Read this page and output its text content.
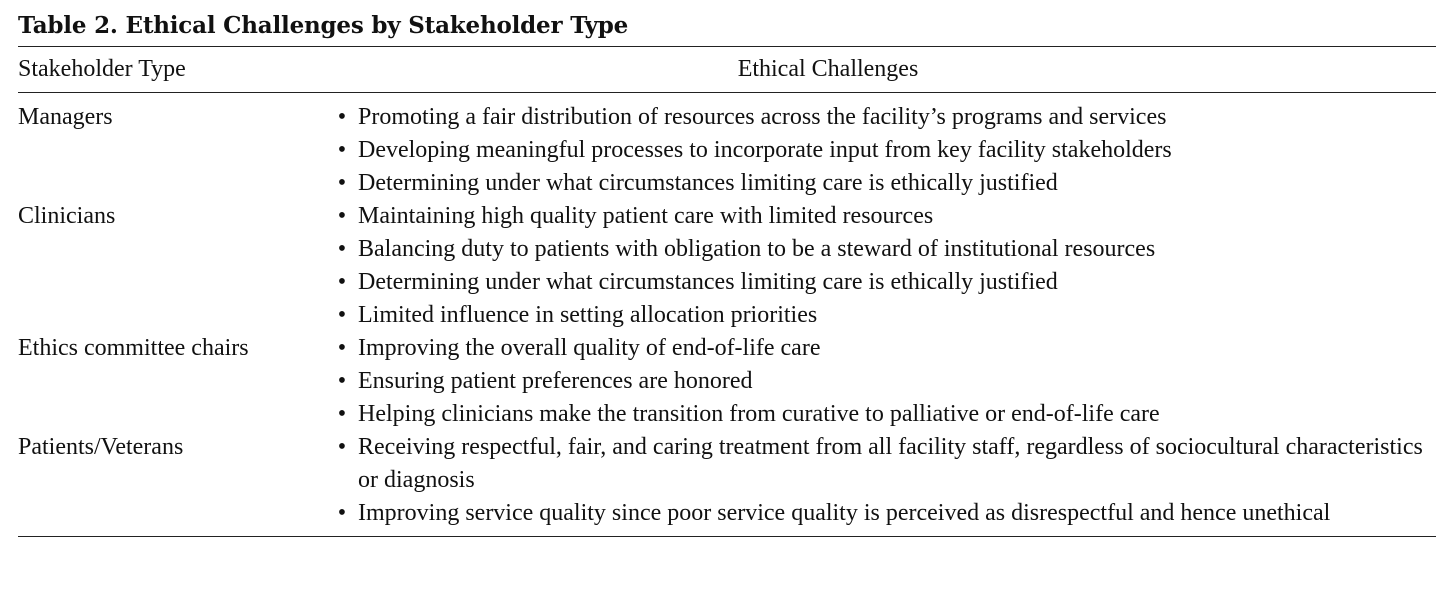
Table 2. Ethical Challenges by Stakeholder Type
Stakeholder Type	Ethical Challenges
Managers	• Promoting a fair distribution of resources across the facility’s programs and services
• Developing meaningful processes to incorporate input from key facility stakeholders
• Determining under what circumstances limiting care is ethically justified
Clinicians	• Maintaining high quality patient care with limited resources
• Balancing duty to patients with obligation to be a steward of institutional resources
• Determining under what circumstances limiting care is ethically justified
• Limited influence in setting allocation priorities
Ethics committee chairs	• Improving the overall quality of end-of-life care
• Ensuring patient preferences are honored
• Helping clinicians make the transition from curative to palliative or end-of-life care
Patients/Veterans	• Receiving respectful, fair, and caring treatment from all facility staff, regardless of sociocultural characteristics or diagnosis
• Improving service quality since poor service quality is perceived as disrespectful and hence unethical
